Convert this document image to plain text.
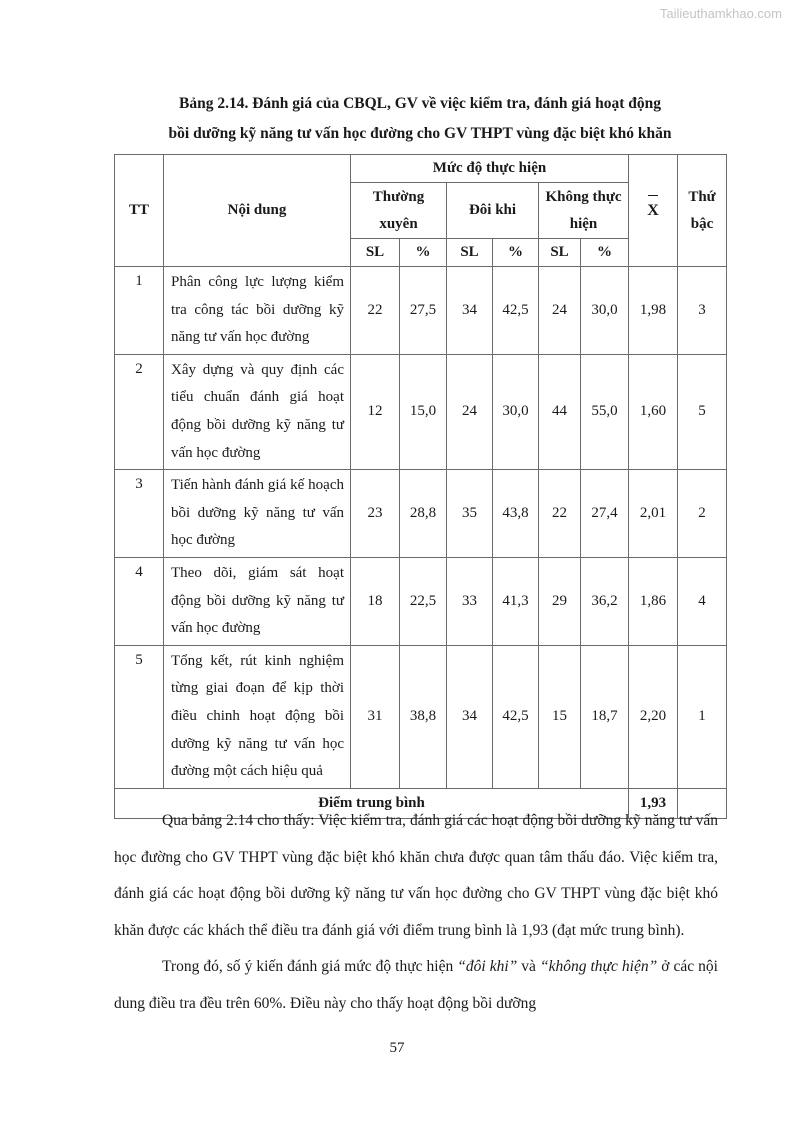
Tailieuthamkhao.com
Bảng 2.14. Đánh giá của CBQL, GV về việc kiểm tra, đánh giá hoạt động
bồi dưỡng kỹ năng tư vấn học đường cho GV THPT vùng đặc biệt khó khăn
TT	Nội dung	Mức độ thực hiện						X	Thứ bậc
		Thường xuyên		Đôi khi		Không thực hiện			
		SL	%	SL	%	SL	%		
1	Phân công lực lượng kiểm tra công tác bồi dưỡng kỹ năng tư vấn học đường	22	27,5	34	42,5	24	30,0	1,98	3
2	Xây dựng và quy định các tiểu chuẩn đánh giá hoạt động bồi dưỡng kỹ năng tư vấn học đường	12	15,0	24	30,0	44	55,0	1,60	5
3	Tiến hành đánh giá kế hoạch bồi dưỡng kỹ năng tư vấn học đường	23	28,8	35	43,8	22	27,4	2,01	2
4	Theo dõi, giám sát hoạt động bồi dưỡng kỹ năng tư vấn học đường	18	22,5	33	41,3	29	36,2	1,86	4
5	Tổng kết, rút kinh nghiệm từng giai đoạn để kịp thời điều chinh hoạt động bồi dưỡng kỹ năng tư vấn học đường một cách hiệu quả	31	38,8	34	42,5	15	18,7	2,20	1
Điểm trung bình								1,93	

Qua bảng 2.14 cho thấy: Việc kiểm tra, đánh giá các hoạt động bồi dưỡng kỹ năng tư vấn học đường cho GV THPT vùng đặc biệt khó khăn chưa được quan tâm thấu đáo. Việc kiểm tra, đánh giá các hoạt động bồi dưỡng kỹ năng tư vấn học đường cho GV THPT vùng đặc biệt khó khăn được các khách thể điều tra đánh giá với điểm trung bình là 1,93 (đạt mức trung bình).

Trong đó, số ý kiến đánh giá mức độ thực hiện “đôi khi” và “không thực hiện” ở các nội dung điều tra đều trên 60%. Điều này cho thấy hoạt động bồi dưỡng

57
